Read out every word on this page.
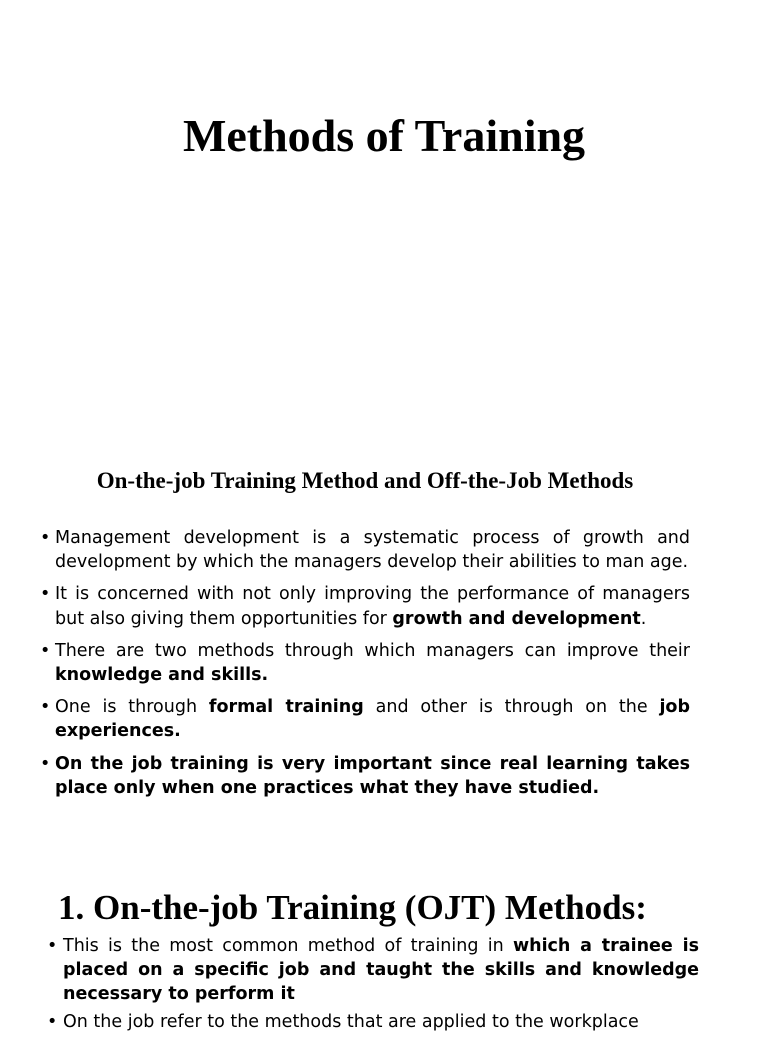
Methods of Training
On-the-job Training Method and Off-the-Job Methods
• Management development is a systematic process of growth and development by which the managers develop their abilities to man age.
• It is concerned with not only improving the performance of managers but also giving them opportunities for growth and development.
• There are two methods through which managers can improve their knowledge and skills.
• One is through formal training and other is through on the job experiences.
• On the job training is very important since real learning takes place only when one practices what they have studied.
1. On-the-job Training (OJT) Methods:
• This is the most common method of training in which a trainee is placed on a specific job and taught the skills and knowledge necessary to perform it
• On the job refer to the methods that are applied to the workplace
